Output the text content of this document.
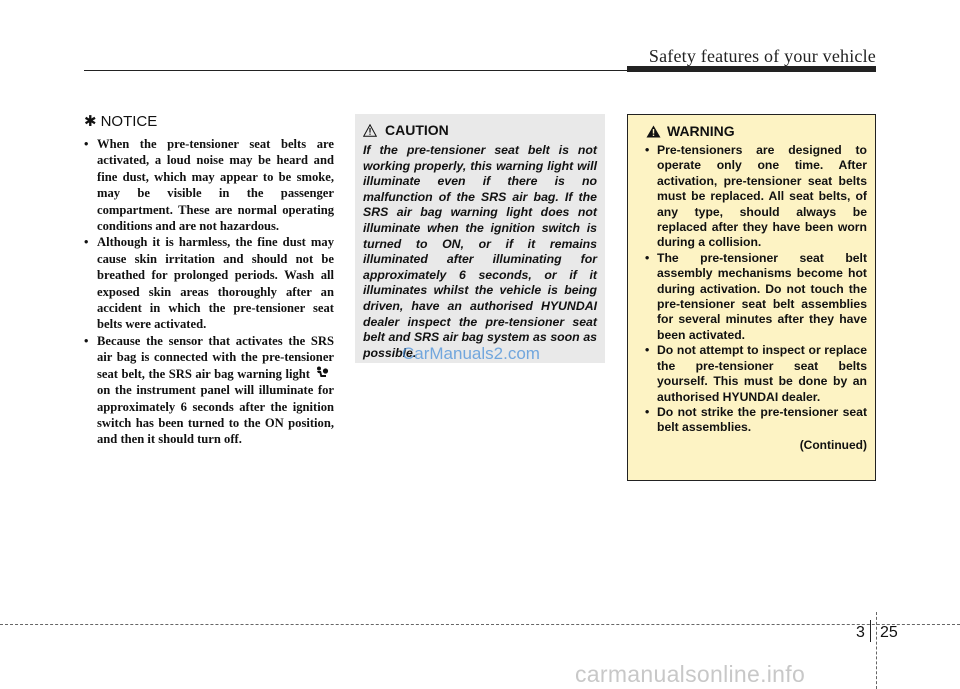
Safety features of your vehicle
✱ NOTICE
• When the pre-tensioner seat belts are activated, a loud noise may be heard and fine dust, which may appear to be smoke, may be visible in the passenger compartment. These are normal operating conditions and are not hazardous.
• Although it is harmless, the fine dust may cause skin irritation and should not be breathed for prolonged periods. Wash all exposed skin areas thoroughly after an accident in which the pre-tensioner seat belts were activated.
• Because the sensor that activates the SRS air bag is connected with the pre-tensioner seat belt, the SRS air bag warning lighton the instrument panel will illuminate for approximately 6 seconds after the ignition switch has been turned to the ON position, and then it should turn off.
CAUTION
If the pre-tensioner seat belt is not working properly, this warning light will illuminate even if there is no malfunction of the SRS air bag. If the SRS air bag warning light does not illuminate when the ignition switch is turned to ON, or if it remains illuminated after illuminating for approximately 6 seconds, or if it illuminates whilst the vehicle is being driven, have an authorised HYUNDAI dealer inspect the pre-tensioner seat belt and SRS air bag system as soon as possible.
CarManuals2.com
WARNING
• Pre-tensioners are designed to operate only one time. After activation, pre-tensioner seat belts must be replaced. All seat belts, of any type, should always be replaced after they have been worn during a collision.
• The pre-tensioner seat belt assembly mechanisms become hot during activation. Do not touch the pre-tensioner seat belt assemblies for several minutes after they have been activated.
• Do not attempt to inspect or replace the pre-tensioner seat belts yourself. This must be done by an authorised HYUNDAI dealer.
• Do not strike the pre-tensioner seat belt assemblies.
(Continued)
3 25
carmanualsonline.info
